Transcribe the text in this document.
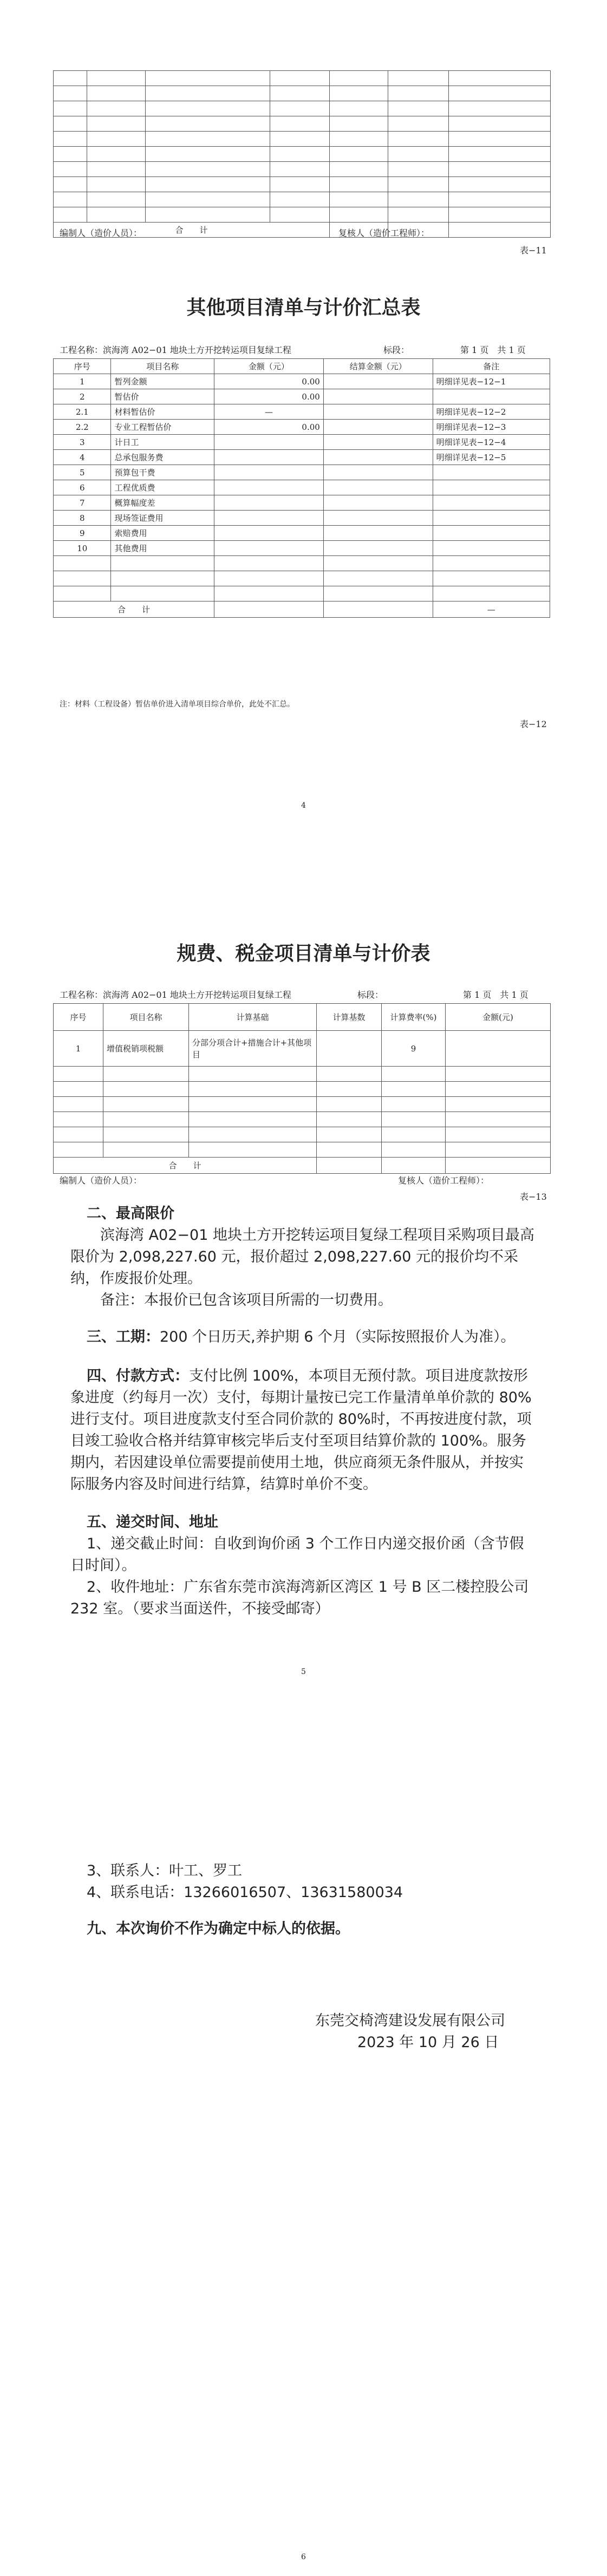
合　　计						
编制人（造价人员）：	复核人（造价工程师）：
表−11
其他项目清单与计价汇总表
工程名称：滨海湾 A02−01 地块土方开挖转运项目复绿工程	标段：	第 1 页　共 1 页
序号	项目名称	金额（元）	结算金额（元）	备注
1	暂列金额	0.00		明细详见表−12−1
2	暂估价	0.00		
2.1	材料暂估价	—		明细详见表−12−2
2.2	专业工程暂估价	0.00		明细详见表−12−3
3	计日工			明细详见表−12−4
4	总承包服务费			明细详见表−12−5
5	预算包干费			
6	工程优质费			
7	概算幅度差			
8	现场签证费用			
9	索赔费用			
10	其他费用			

合　　计				—
注：材料（工程设备）暂估单价进入清单项目综合单价，此处不汇总。
表−12
4
规费、税金项目清单与计价表
工程名称：滨海湾 A02−01 地块土方开挖转运项目复绿工程	标段：	第 1 页　共 1 页
序号	项目名称	计算基础	计算基数	计算费率(%)	金额(元)
1	增值税销项税额	分部分项合计+措施合计+其他项目		9	

合　　计					
编制人（造价人员）：	复核人（造价工程师）：
表−13
二、最高限价
滨海湾 A02−01 地块土方开挖转运项目复绿工程项目采购项目最高限价为 2,098,227.60 元，报价超过 2,098,227.60 元的报价均不采纳，作废报价处理。
备注：本报价已包含该项目所需的一切费用。
三、工期：200 个日历天,养护期 6 个月（实际按照报价人为准）。
四、付款方式：支付比例 100%，本项目无预付款。项目进度款按形象进度（约每月一次）支付，每期计量按已完工作量清单单价款的 80%进行支付。项目进度款支付至合同价款的 80%时，不再按进度付款，项目竣工验收合格并结算审核完毕后支付至项目结算价款的 100%。服务期内，若因建设单位需要提前使用土地，供应商须无条件服从，并按实际服务内容及时间进行结算，结算时单价不变。
五、递交时间、地址
1、递交截止时间：自收到询价函 3 个工作日内递交报价函（含节假日时间）。
2、收件地址：广东省东莞市滨海湾新区湾区 1 号 B 区二楼控股公司 232 室。（要求当面送件，不接受邮寄）
5
3、联系人：叶工、罗工
4、联系电话：13266016507、13631580034
九、本次询价不作为确定中标人的依据。
东莞交椅湾建设发展有限公司
2023 年 10 月 26 日
6
